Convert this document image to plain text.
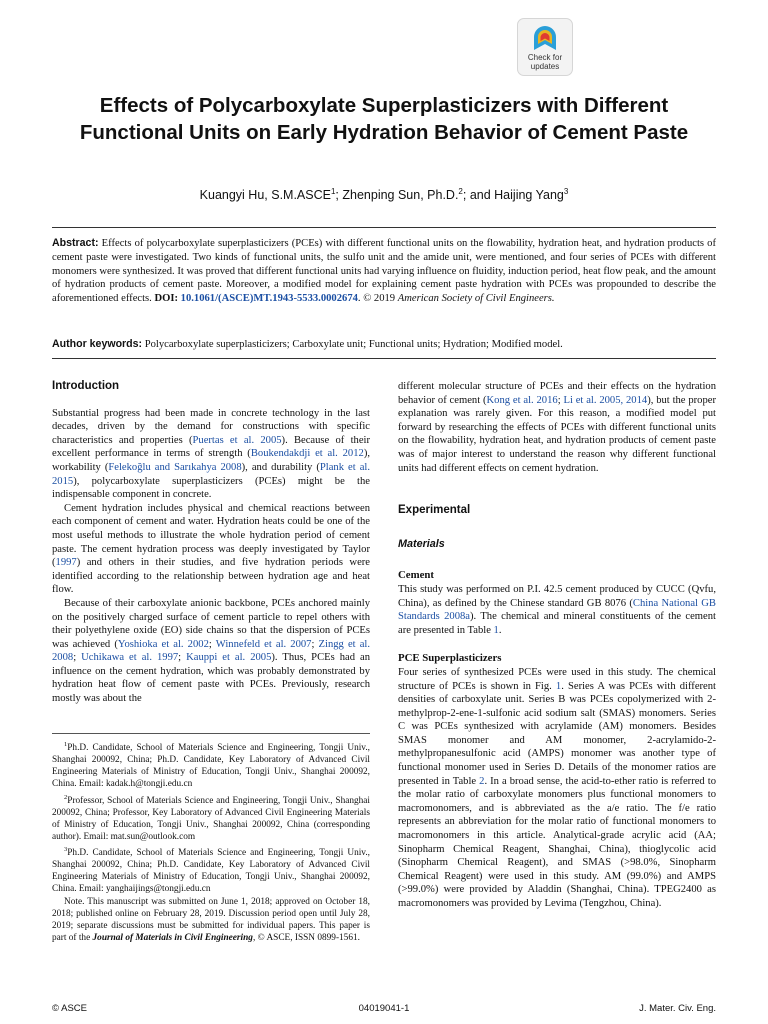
Check for
updates
Effects of Polycarboxylate Superplasticizers with Different Functional Units on Early Hydration Behavior of Cement Paste
Kuangyi Hu, S.M.ASCE$^1$; Zhenping Sun, Ph.D.$^2$; and Haijing Yang$^3$
Abstract: Effects of polycarboxylate superplasticizers (PCEs) with different functional units on the flowability, hydration heat, and hydration products of cement paste were investigated. Two kinds of functional units, the sulfo unit and the amide unit, were mentioned, and four series of PCEs with different monomers were synthesized. It was proved that different functional units had varying influence on fluidity, induction period, heat flow peak, and the amount of hydration products of cement paste. Moreover, a modified model for explaining cement paste hydration with PCEs was propounded to describe the aforementioned effects. DOI: 10.1061/(ASCE)MT.1943-5533.0002674. © 2019 American Society of Civil Engineers.
Author keywords: Polycarboxylate superplasticizers; Carboxylate unit; Functional units; Hydration; Modified model.
Introduction

Substantial progress had been made in concrete technology in the last decades, driven by the demand for constructions with specific characteristics and properties (Puertas et al. 2005). Because of their excellent performance in terms of strength (Boukendakdji et al. 2012), workability (Felekoğlu and Sarıkahya 2008), and durability (Plank et al. 2015), polycarboxylate superplasticizers (PCEs) might be the indispensable component in concrete.

Cement hydration includes physical and chemical reactions between each component of cement and water. Hydration heats could be one of the most useful methods to illustrate the whole hydration period of cement paste. The cement hydration process was deeply investigated by Taylor (1997) and others in their studies, and five hydration periods were identified according to the relationship between hydration age and heat flow.

Because of their carboxylate anionic backbone, PCEs anchored mainly on the positively charged surface of cement particle to repel others with their polyethylene oxide (EO) side chains so that the dispersion of PCEs was achieved (Yoshioka et al. 2002; Winnefeld et al. 2007; Zingg et al. 2008; Uchikawa et al. 1997; Kauppi et al. 2005). Thus, PCEs had an influence on the cement hydration, which was probably demonstrated by hydration heat flow of cement paste with PCEs. Previously, research mostly was about the

$^1$Ph.D. Candidate, School of Materials Science and Engineering, Tongji Univ., Shanghai 200092, China; Ph.D. Candidate, Key Laboratory of Advanced Civil Engineering Materials of Ministry of Education, Tongji Univ., Shanghai 200092, China. Email: kadak.h@tongji.edu.cn

$^2$Professor, School of Materials Science and Engineering, Tongji Univ., Shanghai 200092, China; Professor, Key Laboratory of Advanced Civil Engineering Materials of Ministry of Education, Tongji Univ., Shanghai 200092, China (corresponding author). Email: mat.sun@outlook.com

$^3$Ph.D. Candidate, School of Materials Science and Engineering, Tongji Univ., Shanghai 200092, China; Ph.D. Candidate, Key Laboratory of Advanced Civil Engineering Materials of Ministry of Education, Tongji Univ., Shanghai 200092, China. Email: yanghaijings@tongji.edu.cn

Note. This manuscript was submitted on June 1, 2018; approved on October 18, 2018; published online on February 28, 2019. Discussion period open until July 28, 2019; separate discussions must be submitted for individual papers. This paper is part of the Journal of Materials in Civil Engineering, © ASCE, ISSN 0899-1561.

different molecular structure of PCEs and their effects on the hydration behavior of cement (Kong et al. 2016; Li et al. 2005, 2014), but the proper explanation was rarely given. For this reason, a modified model put forward by researching the effects of PCEs with different functional units on the flowability, hydration heat, and hydration products of cement paste was of major interest to understand the reason why different functional units had different effects on cement hydration.

Experimental
Materials
Cement

This study was performed on P.I. 42.5 cement produced by CUCC (Qvfu, China), as defined by the Chinese standard GB 8076 (China National GB Standards 2008a). The chemical and mineral constituents of the cement are presented in Table 1.

PCE Superplasticizers

Four series of synthesized PCEs were used in this study. The chemical structure of PCEs is shown in Fig. 1. Series A was PCEs with different densities of carboxylate unit. Series B was PCEs copolymerized with 2-methylprop-2-ene-1-sulfonic acid sodium salt (SMAS) monomers. Series C was PCEs synthesized with acrylamide (AM) monomers. Besides SMAS monomer and AM monomer, 2-acrylamido-2-methylpropanesulfonic acid (AMPS) monomer was another type of functional monomer used in Series D. Details of the monomer ratios are presented in Table 2. In a broad sense, the acid-to-ether ratio is referred to the molar ratio of carboxylate monomers plus functional monomers to macromonomers, and is abbreviated as the a/e ratio. The f/e ratio represents an abbreviation for the molar ratio of functional monomers to macromonomers in this article. Analytical-grade acrylic acid (AA; Sinopharm Chemical Reagent, Shanghai, China), thioglycolic acid (Sinopharm Chemical Reagent), and SMAS (>98.0%, Sinopharm Chemical Reagent) were used in this study. AM (99.0%) and AMPS (>99.0%) were provided by Aladdin (Shanghai, China). TPEG2400 as macromonomers was provided by Levima (Tengzhou, China).

© ASCE	04019041-1	J. Mater. Civ. Eng.
